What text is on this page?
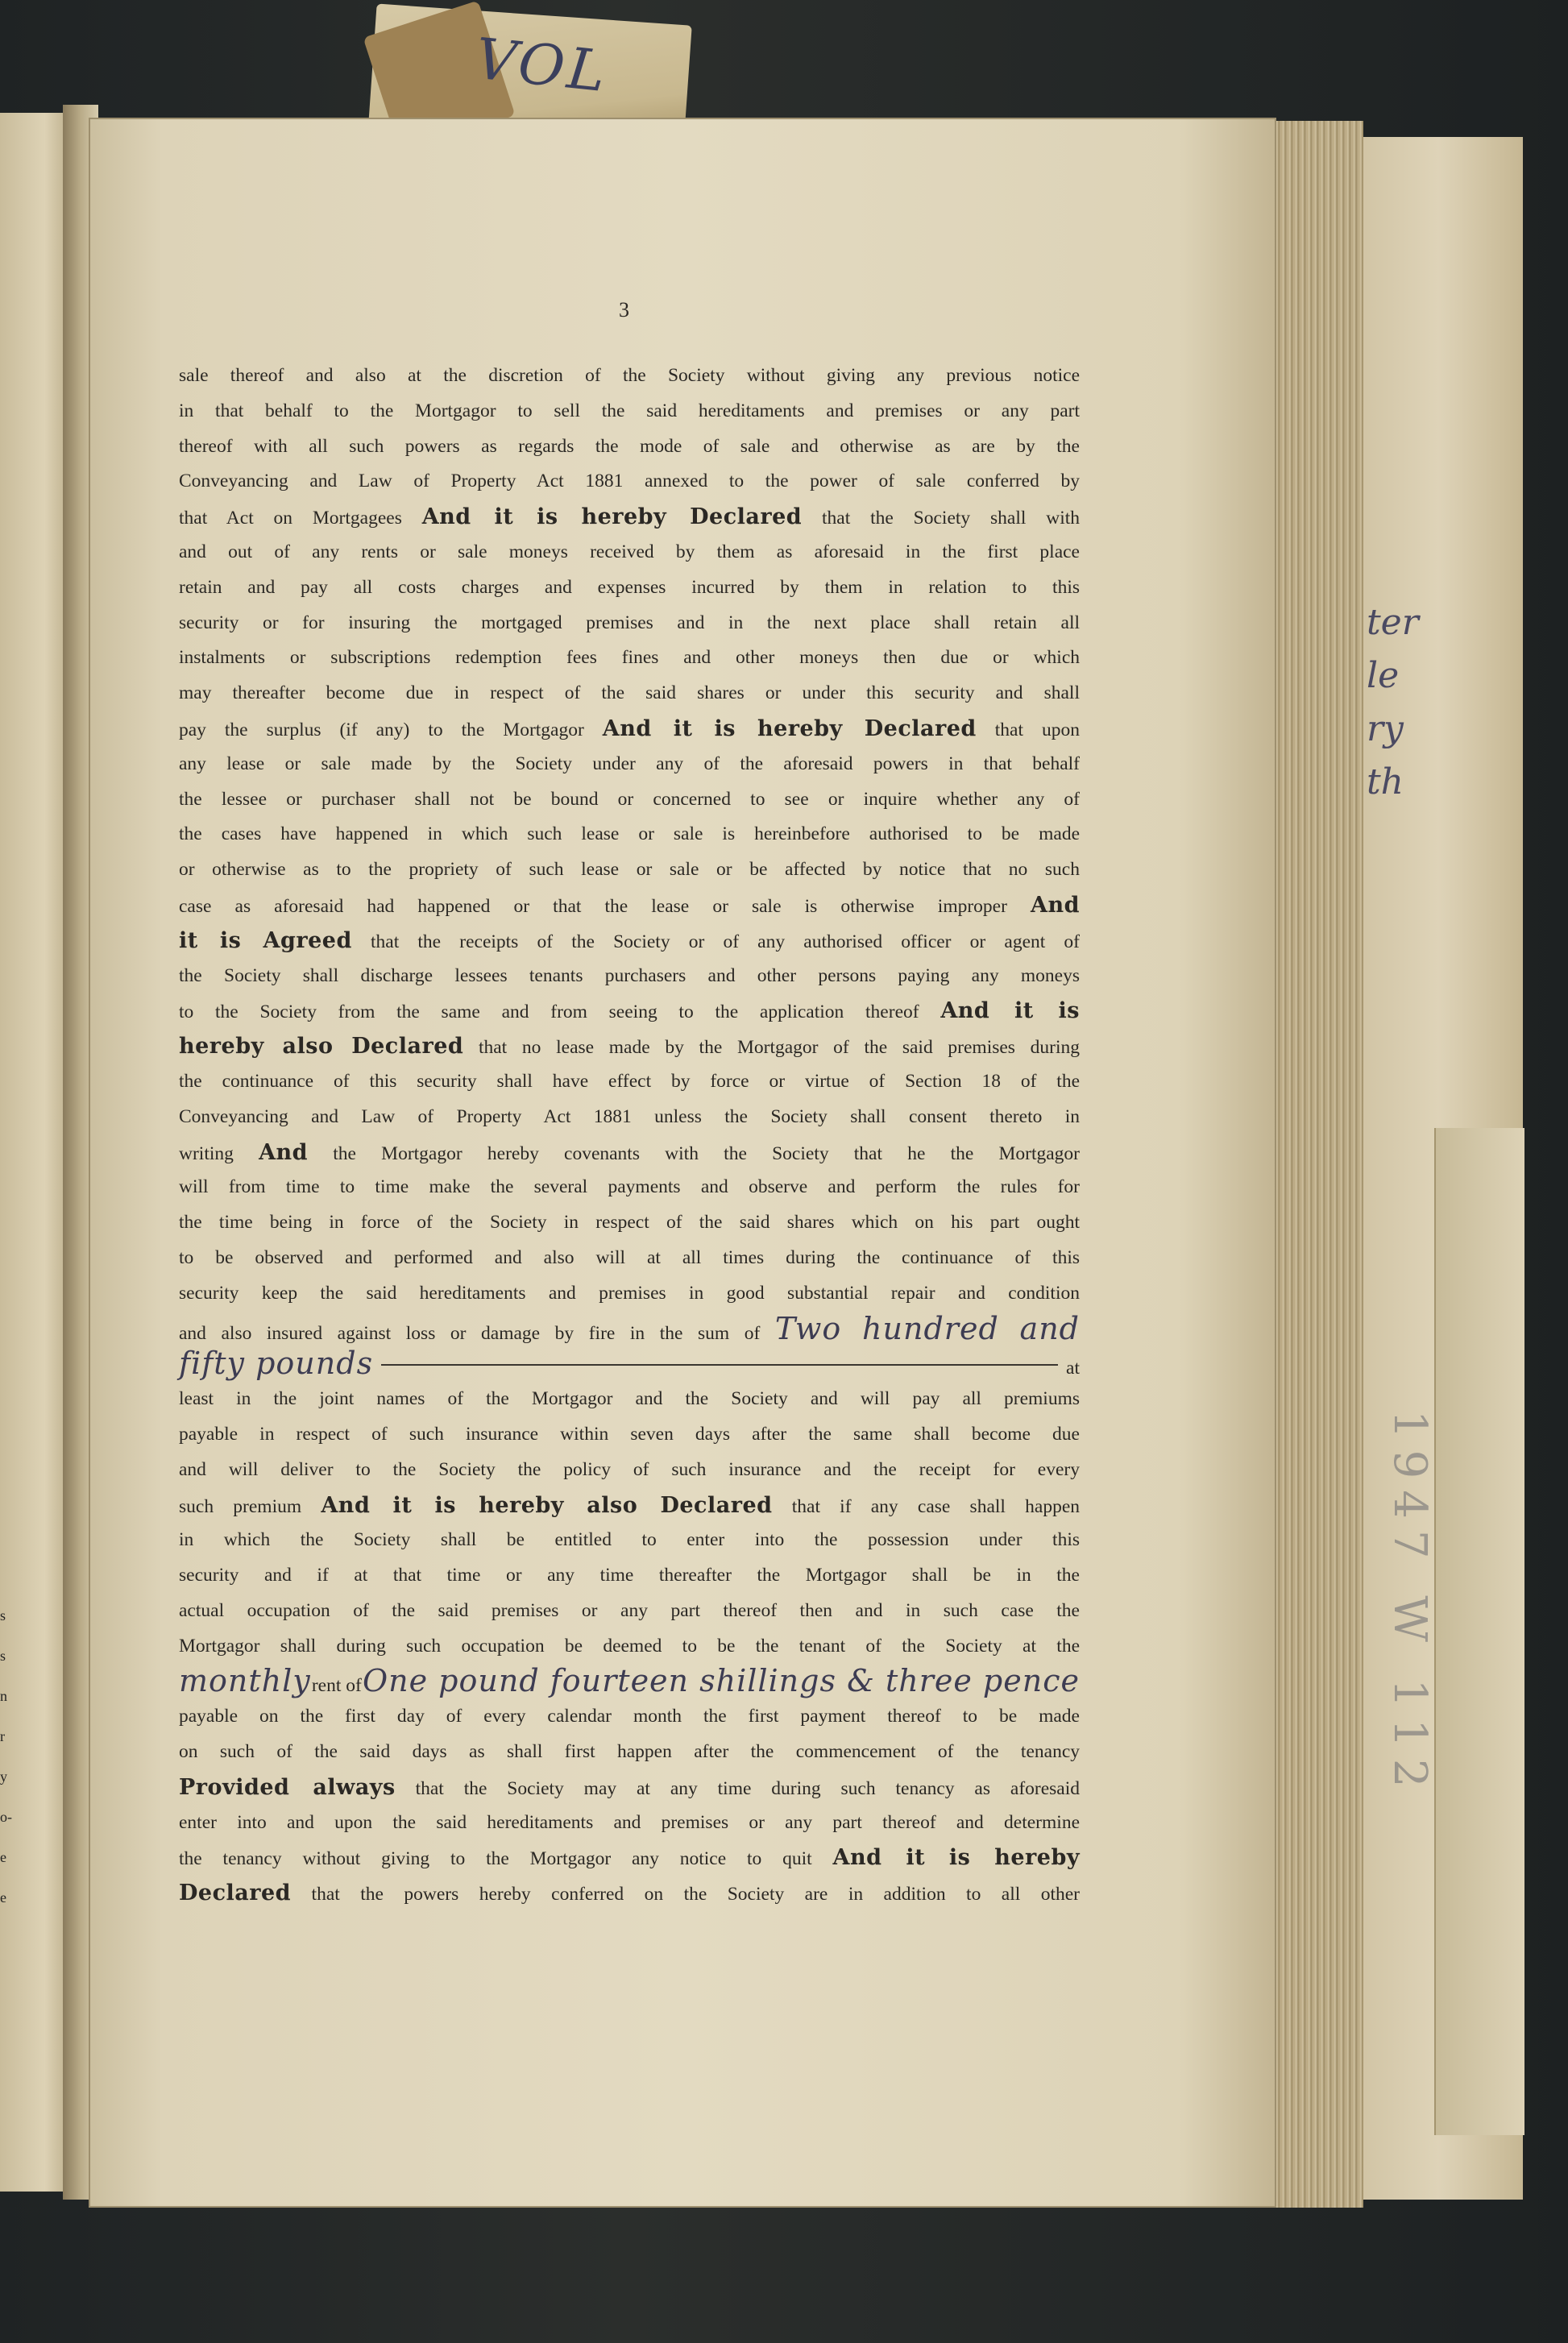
VOL
s
s
n
r
y
o-
e
e
ter
le
ry
th
1947 W 112
3
sale thereof and also at the discretion of the Society without giving any previous notice
in that behalf to the Mortgagor to sell the said hereditaments and premises or any part
thereof with all such powers as regards the mode of sale and otherwise as are by the
Conveyancing and Law of Property Act 1881 annexed to the power of sale conferred by
that Act on Mortgagees And it is hereby Declared that the Society shall with
and out of any rents or sale moneys received by them as aforesaid in the first place
retain and pay all costs charges and expenses incurred by them in relation to this
security or for insuring the mortgaged premises and in the next place shall retain all
instalments or subscriptions redemption fees fines and other moneys then due or which
may thereafter become due in respect of the said shares or under this security and shall
pay the surplus (if any) to the Mortgagor And it is hereby Declared that upon
any lease or sale made by the Society under any of the aforesaid powers in that behalf
the lessee or purchaser shall not be bound or concerned to see or inquire whether any of
the cases have happened in which such lease or sale is hereinbefore authorised to be made
or otherwise as to the propriety of such lease or sale or be affected by notice that no such
case as aforesaid had happened or that the lease or sale is otherwise improper And
it is Agreed that the receipts of the Society or of any authorised officer or agent of
the Society shall discharge lessees tenants purchasers and other persons paying any moneys
to the Society from the same and from seeing to the application thereof And it is
hereby also Declared that no lease made by the Mortgagor of the said premises during
the continuance of this security shall have effect by force or virtue of Section 18 of the
Conveyancing and Law of Property Act 1881 unless the Society shall consent thereto in
writing And the Mortgagor hereby covenants with the Society that he the Mortgagor
will from time to time make the several payments and observe and perform the rules for
the time being in force of the Society in respect of the said shares which on his part ought
to be observed and performed and also will at all times during the continuance of this
security keep the said hereditaments and premises in good substantial repair and condition
and also insured against loss or damage by fire in the sum of Two hundred and
fifty pounds	at
least in the joint names of the Mortgagor and the Society and will pay all premiums
payable in respect of such insurance within seven days after the same shall become due
and will deliver to the Society the policy of such insurance and the receipt for every
such premium And it is hereby also Declared that if any case shall happen
in which the Society shall be entitled to enter into the possession under this
security and if at that time or any time thereafter the Mortgagor shall be in the
actual occupation of the said premises or any part thereof then and in such case the
Mortgagor shall during such occupation be deemed to be the tenant of the Society at the
monthly rent of One pound fourteen shillings & three pence
payable on the first day of every calendar month the first payment thereof to be made
on such of the said days as shall first happen after the commencement of the tenancy
Provided always that the Society may at any time during such tenancy as aforesaid
enter into and upon the said hereditaments and premises or any part thereof and determine
the tenancy without giving to the Mortgagor any notice to quit And it is hereby
Declared that the powers hereby conferred on the Society are in addition to all other
